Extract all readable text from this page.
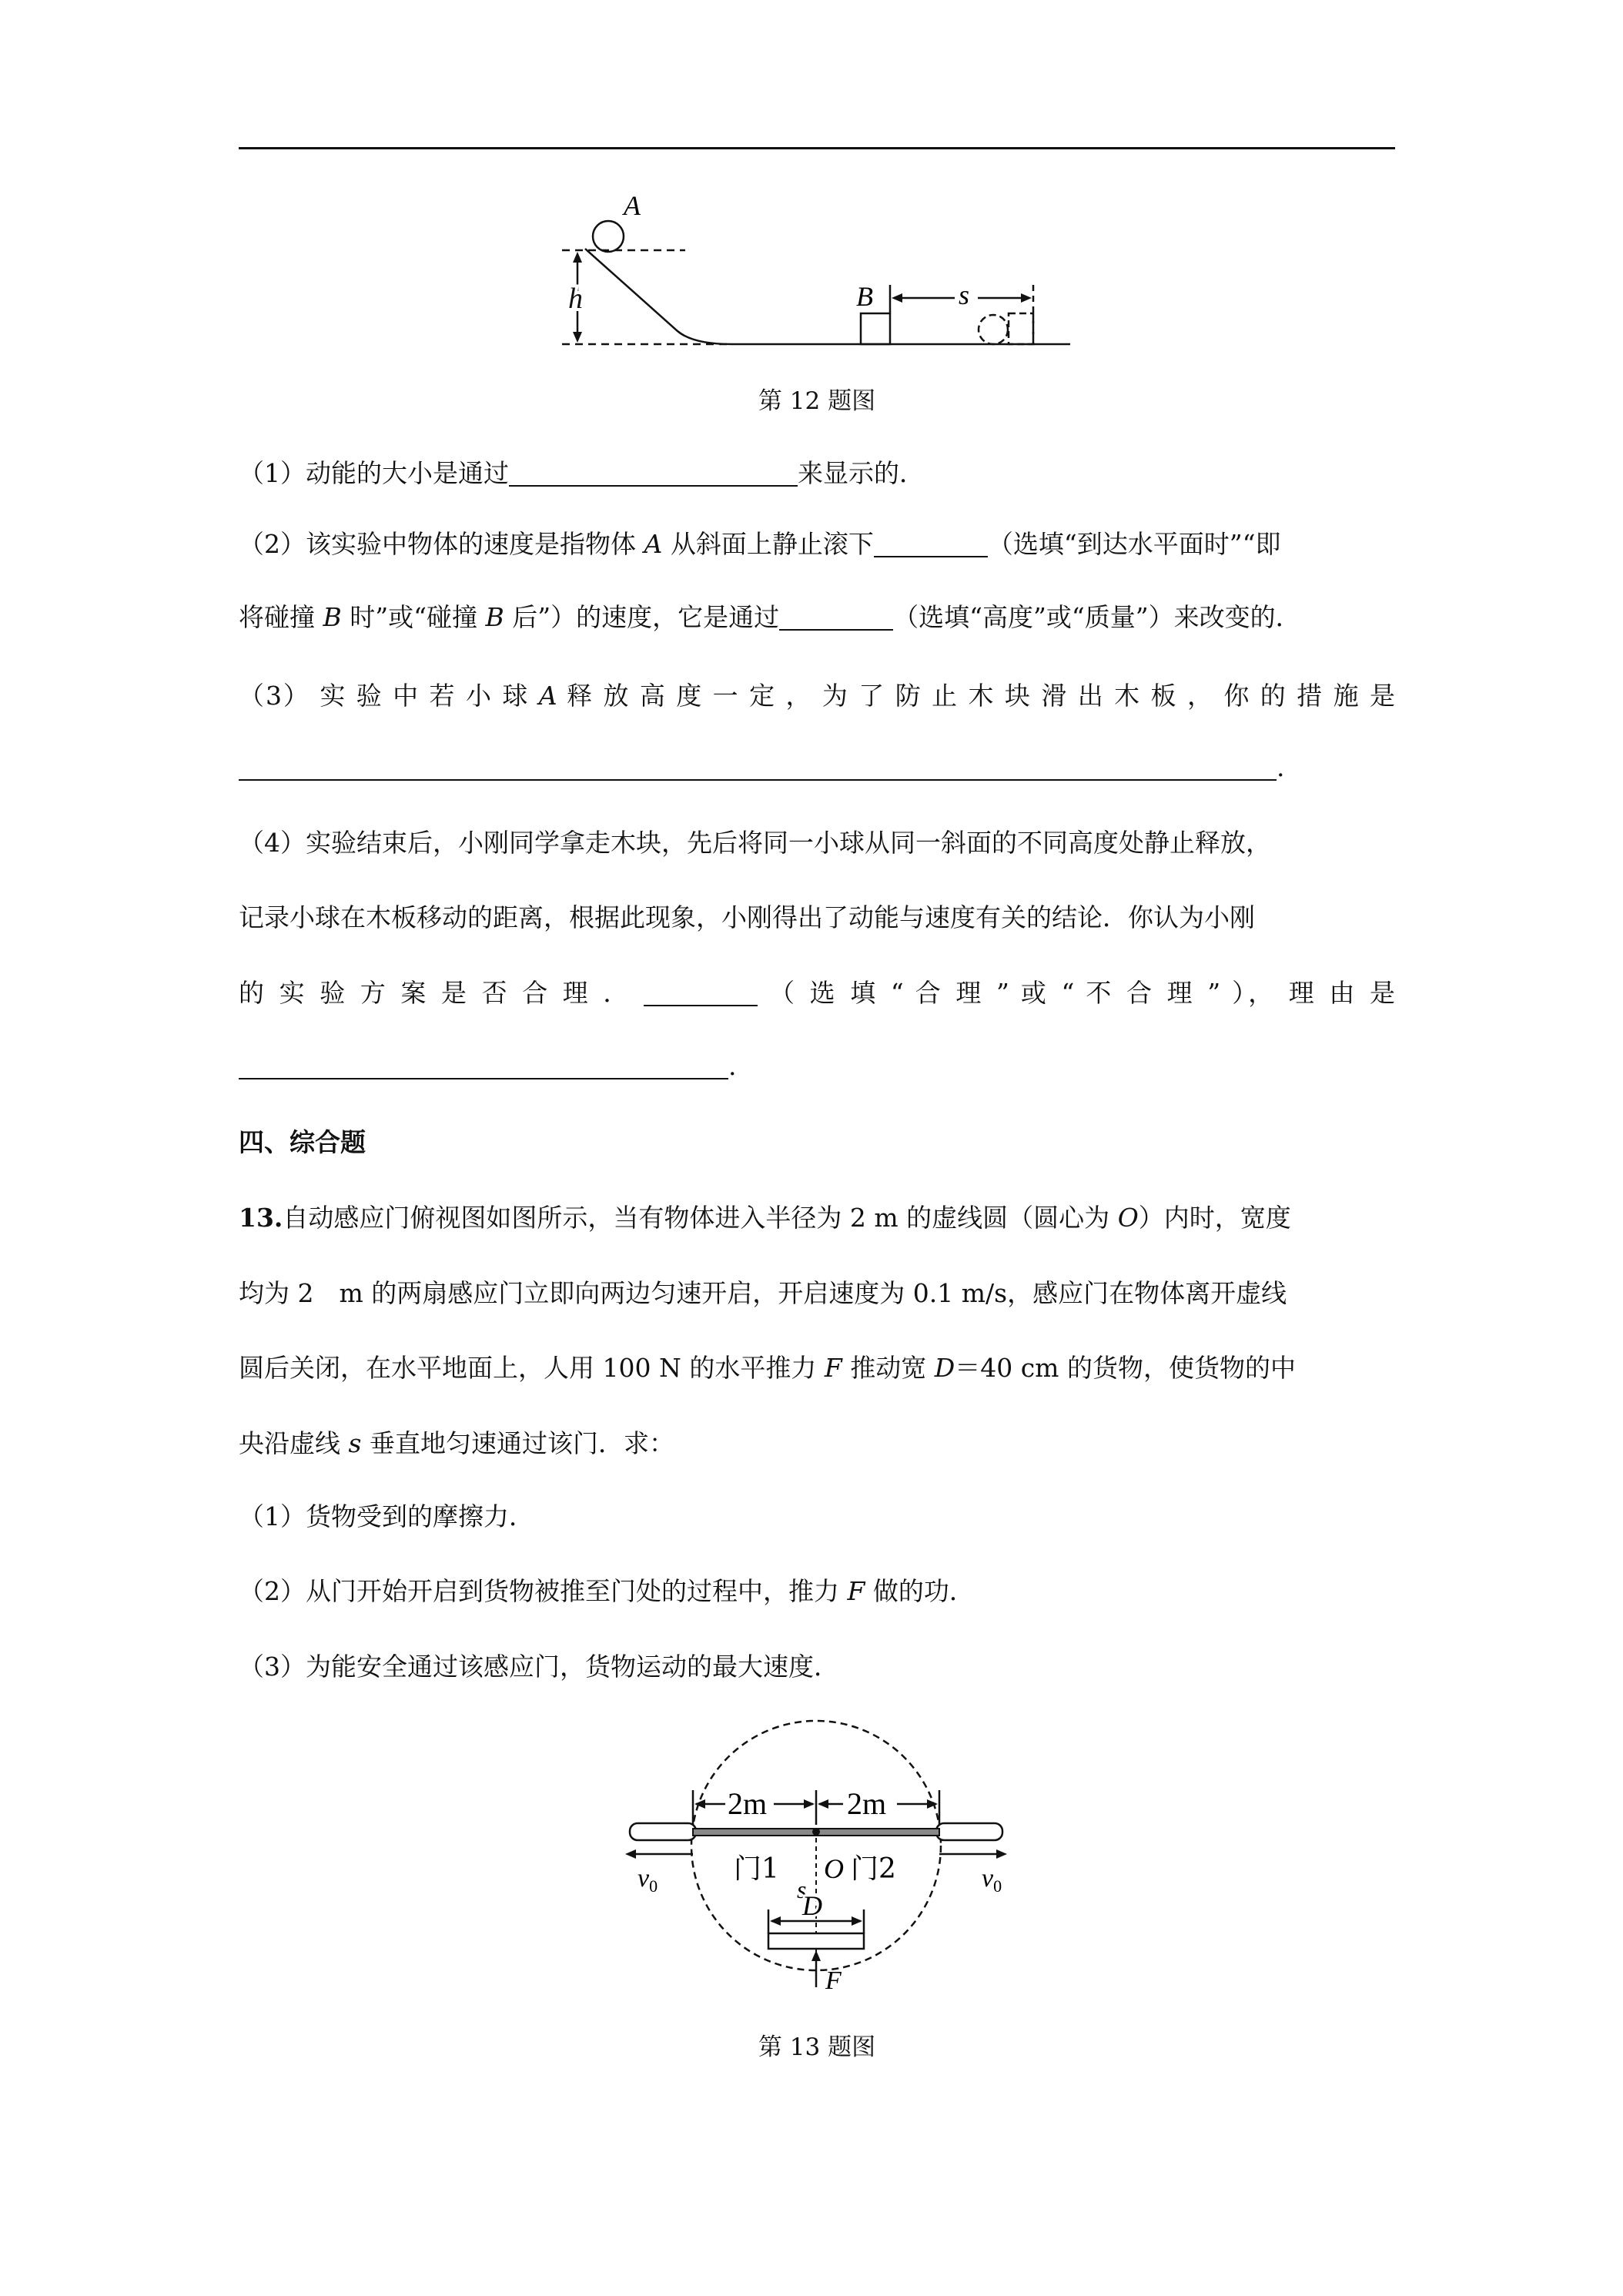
A
h	B	s
第 12 题图
（1）动能的大小是通过	来显示的．
（2）该实验中物体的速度是指物体 A 从斜面上静止滚下	（选填“到达水平面时”“即
将碰撞 B 时”或“碰撞 B 后”）的速度，它是通过	（选填“高度”或“质量”）来改变的．
（3） 实 验 中 若 小 球 A 释 放 高 度 一 定 ， 为 了 防 止 木 块 滑 出 木 板 ， 你 的 措 施 是
.
（4）实验结束后，小刚同学拿走木块，先后将同一小球从同一斜面的不同高度处静止释放，
记录小球在木板移动的距离，根据此现象，小刚得出了动能与速度有关的结论．你认为小刚
的 实 验 方 案 是 否 合 理 ．	（ 选 填 “ 合 理 ” 或 “ 不 合 理 ” ）， 理 由 是
.
四、综合题
13.自动感应门俯视图如图所示，当有物体进入半径为 2 m 的虚线圆（圆心为 O）内时，宽度
均为 2　m 的两扇感应门立即向两边匀速开启，开启速度为 0.1 m/s，感应门在物体离开虚线
圆后关闭，在水平地面上，人用 100 N 的水平推力 F 推动宽 D＝40 cm 的货物，使货物的中
央沿虚线 s 垂直地匀速通过该门．求：
（1）货物受到的摩擦力．
（2）从门开始开启到货物被推至门处的过程中，推力 F 做的功．
（3）为能安全通过该感应门，货物运动的最大速度．
2m	2m
$v_0$	$v_0$
门1 O 门2
s
D
F
第 13 题图
